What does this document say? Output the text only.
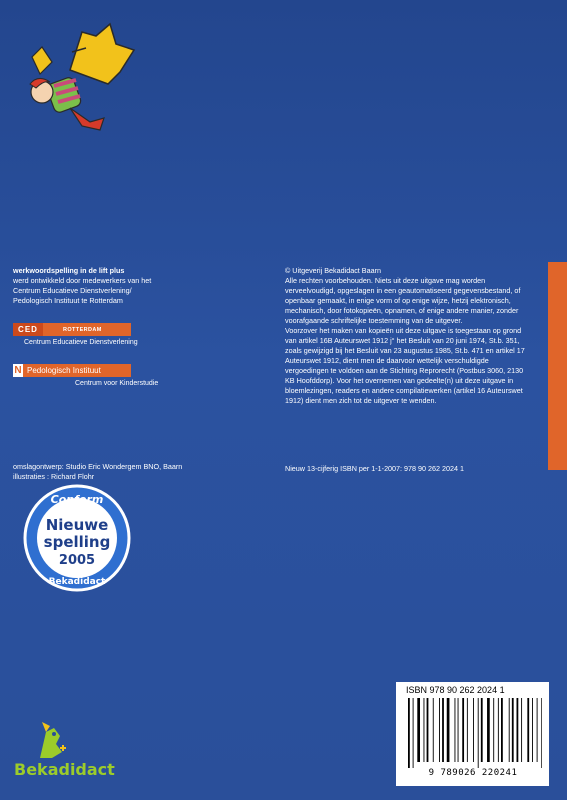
werkwoordspelling in de lift plus
werd ontwikkeld door medewerkers van het
Centrum Educatieve Dienstverlening/
Pedologisch Instituut te Rotterdam
CED	ROTTERDAM
Centrum Educatieve Dienstverlening
N Pedologisch Instituut
Centrum voor Kinderstudie
omslagontwerp: Studio Eric Wondergem BNO, Baarn
illustraties : Richard Flohr
Conform
Nieuwe
spelling
2005
Bekadidact

© Uitgeverij Bekadidact Baarn

Alle rechten voorbehouden. Niets uit deze uitgave mag worden verveelvoudigd, opgeslagen in een geautomatiseerd gegevensbestand, of openbaar gemaakt, in enige vorm of op enige wijze, hetzij elektronisch, mechanisch, door fotokopieën, opnamen, of enige andere manier, zonder voorafgaande schriftelijke toestemming van de uitgever.

Voorzover het maken van kopieën uit deze uitgave is toegestaan op grond van artikel 16B Auteurswet 1912 j° het Besluit van 20 juni 1974, St.b. 351, zoals gewijzigd bij het Besluit van 23 augustus 1985, St.b. 471 en artikel 17 Auteurswet 1912, dient men de daarvoor wettelijk verschuldigde vergoedingen te voldoen aan de Stichting Reprorecht (Postbus 3060, 2130 KB Hoofddorp). Voor het overnemen van gedeelte(n) uit deze uitgave in bloemlezingen, readers en andere compilatiewerken (artikel 16 Auteurswet 1912) dient men zich tot de uitgever te wenden.

Nieuw 13-cijferig ISBN per 1-1-2007: 978 90 262 2024 1
ISBN 978 90 262 2024 1
9 789026 220241
Bekadidact
